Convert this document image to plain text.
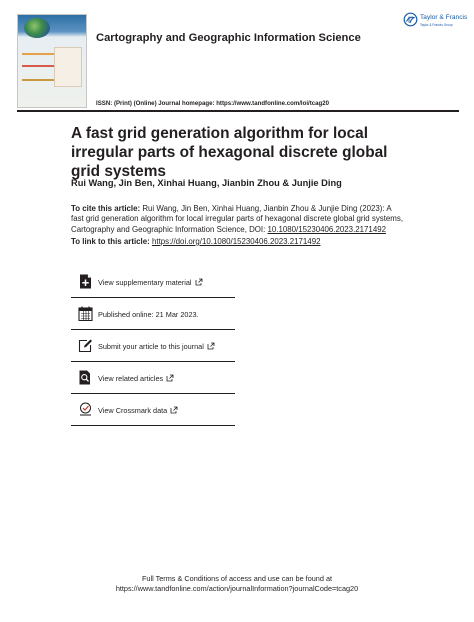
Cartography and Geographic Information Science
ISSN: (Print) (Online) Journal homepage: https://www.tandfonline.com/loi/tcag20
Taylor & Francis
Taylor & Francis Group
A fast grid generation algorithm for local irregular parts of hexagonal discrete global grid systems
Rui Wang, Jin Ben, Xinhai Huang, Jianbin Zhou & Junjie Ding
To cite this article: Rui Wang, Jin Ben, Xinhai Huang, Jianbin Zhou & Junjie Ding (2023): A fast grid generation algorithm for local irregular parts of hexagonal discrete global grid systems, Cartography and Geographic Information Science, DOI: 10.1080/15230406.2023.2171492
To link to this article: https://doi.org/10.1080/15230406.2023.2171492
View supplementary material
Published online: 21 Mar 2023.
Submit your article to this journal
View related articles
View Crossmark data
Full Terms & Conditions of access and use can be found at
https://www.tandfonline.com/action/journalInformation?journalCode=tcag20
